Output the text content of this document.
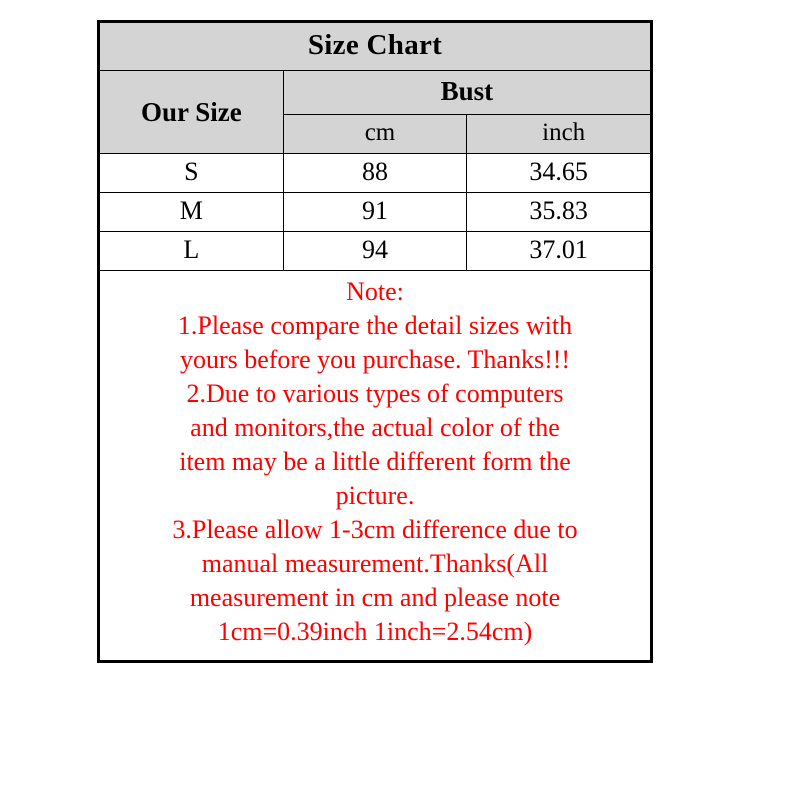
Size Chart		
Our Size	Bust	
	cm	inch
S	88	34.65
M	91	35.83
L	94	37.01

Note:
1.Please compare the detail sizes with
yours before you purchase. Thanks!!!
2.Due to various types of computers
and monitors,the actual color of the
item may be a little different form the
picture.
3.Please allow 1-3cm difference due to
manual measurement.Thanks(All
measurement in cm and please note
1cm=0.39inch 1inch=2.54cm)
